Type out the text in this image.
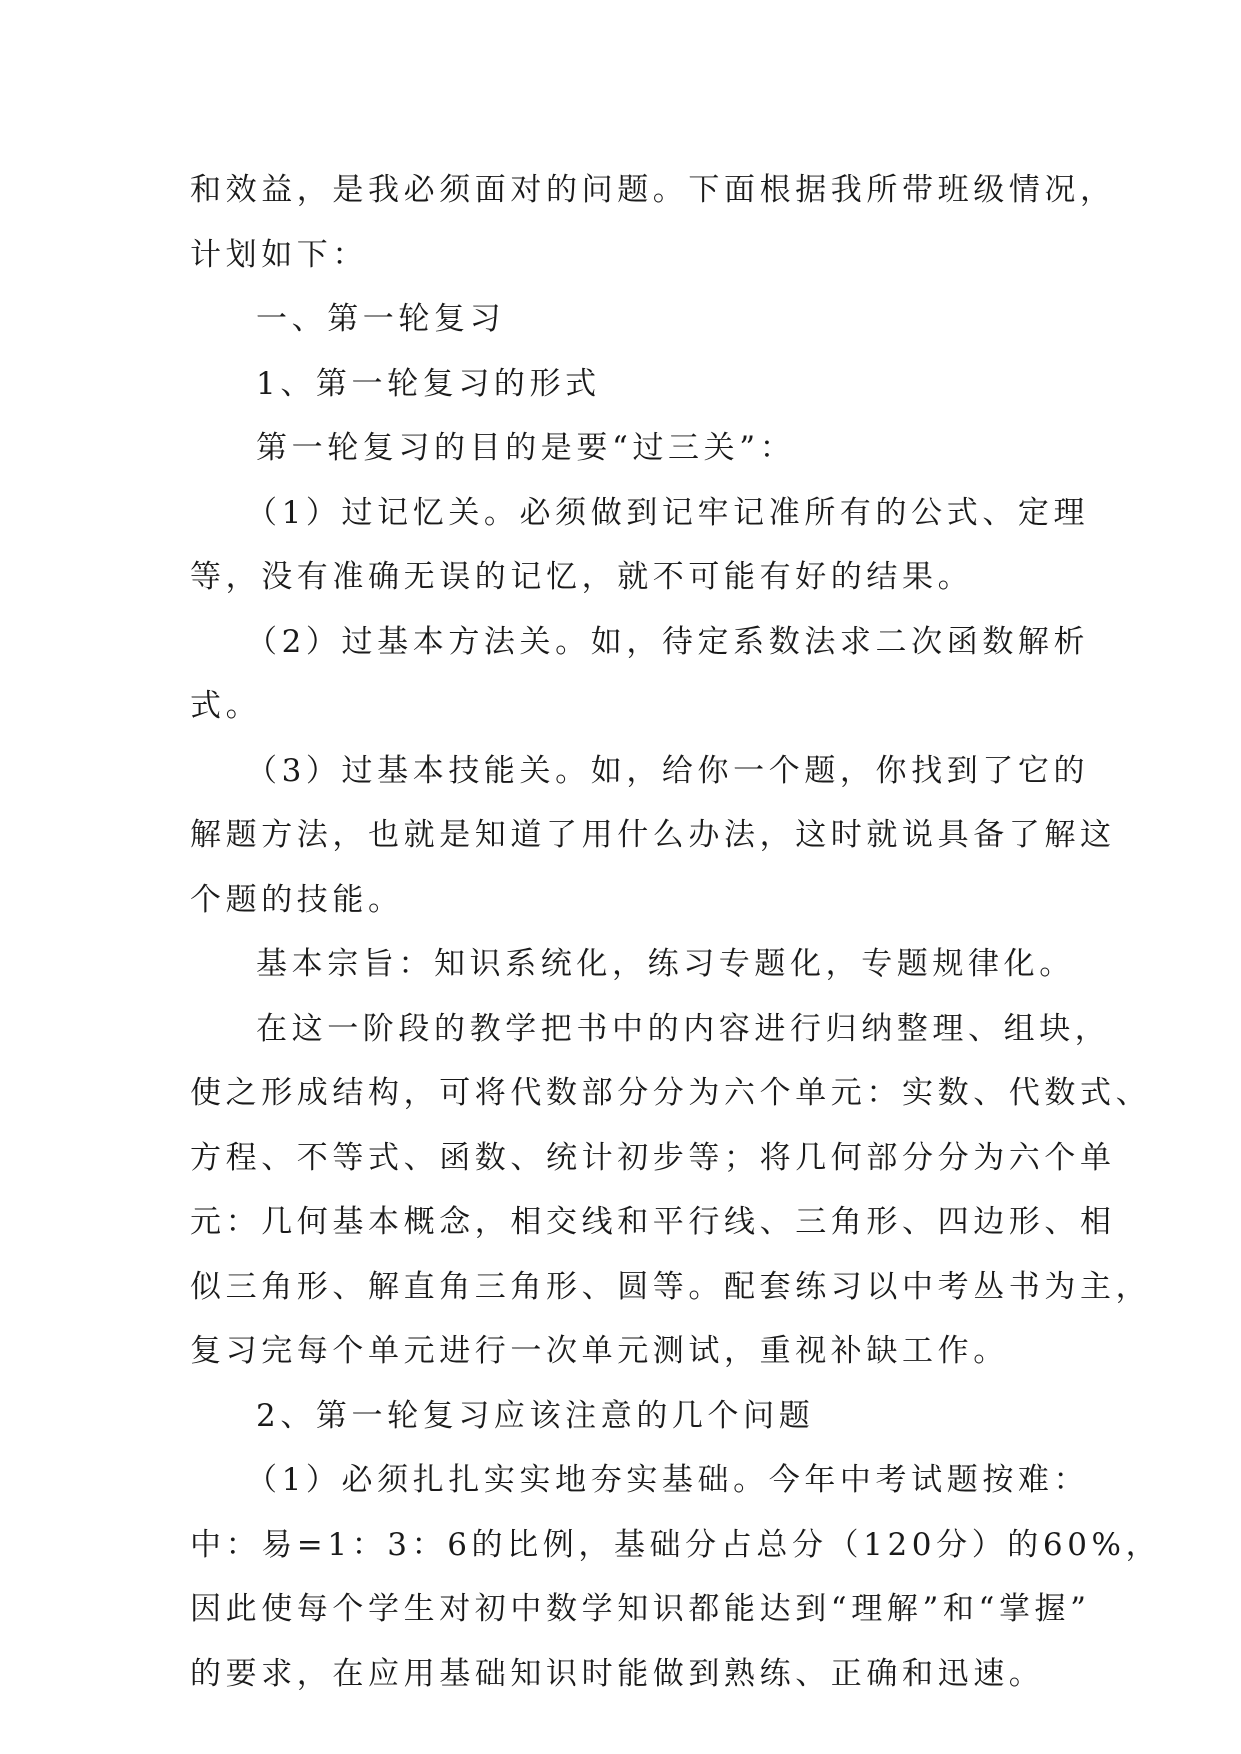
和效益，是我必须面对的问题。下面根据我所带班级情况，
计划如下：
一、第一轮复习
1、第一轮复习的形式
第一轮复习的目的是要“过三关”：
（1）过记忆关。必须做到记牢记准所有的公式、定理
等，没有准确无误的记忆，就不可能有好的结果。
（2）过基本方法关。如，待定系数法求二次函数解析
式。
（3）过基本技能关。如，给你一个题，你找到了它的
解题方法，也就是知道了用什么办法，这时就说具备了解这
个题的技能。
基本宗旨：知识系统化，练习专题化，专题规律化。
在这一阶段的教学把书中的内容进行归纳整理、组块，
使之形成结构，可将代数部分分为六个单元：实数、代数式、
方程、不等式、函数、统计初步等；将几何部分分为六个单
元：几何基本概念，相交线和平行线、三角形、四边形、相
似三角形、解直角三角形、圆等。配套练习以中考丛书为主，
复习完每个单元进行一次单元测试，重视补缺工作。
2、第一轮复习应该注意的几个问题
（1）必须扎扎实实地夯实基础。今年中考试题按难：
中：易=1：3：6的比例，基础分占总分（120分）的60%，
因此使每个学生对初中数学知识都能达到“理解”和“掌握”
的要求，在应用基础知识时能做到熟练、正确和迅速。
